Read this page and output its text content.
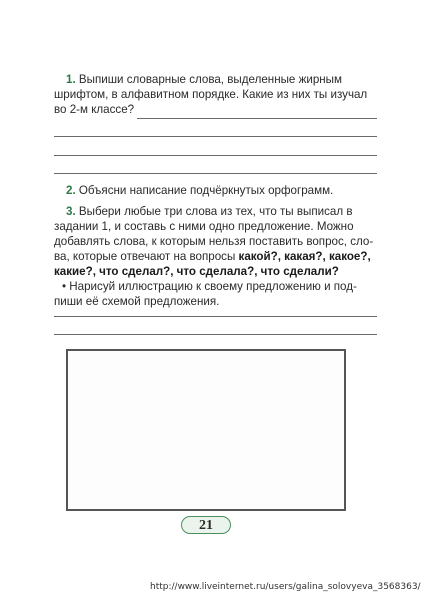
1. Выпиши словарные слова, выделенные жирным
шрифтом, в алфавитном порядке. Какие из них ты изучал
во 2-м классе?
2. Объясни написание подчёркнутых орфограмм.
3. Выбери любые три слова из тех, что ты выписал в
задании 1, и составь с ними одно предложение. Можно
добавлять слова, к которым нельзя поставить вопрос, сло-
ва, которые отвечают на вопросы какой?, какая?, какое?,
какие?, что сделал?, что сделала?, что сделали?
• Нарисуй иллюстрацию к своему предложению и под-
пиши её схемой предложения.
21
http://www.liveinternet.ru/users/galina_solovyeva_3568363/
